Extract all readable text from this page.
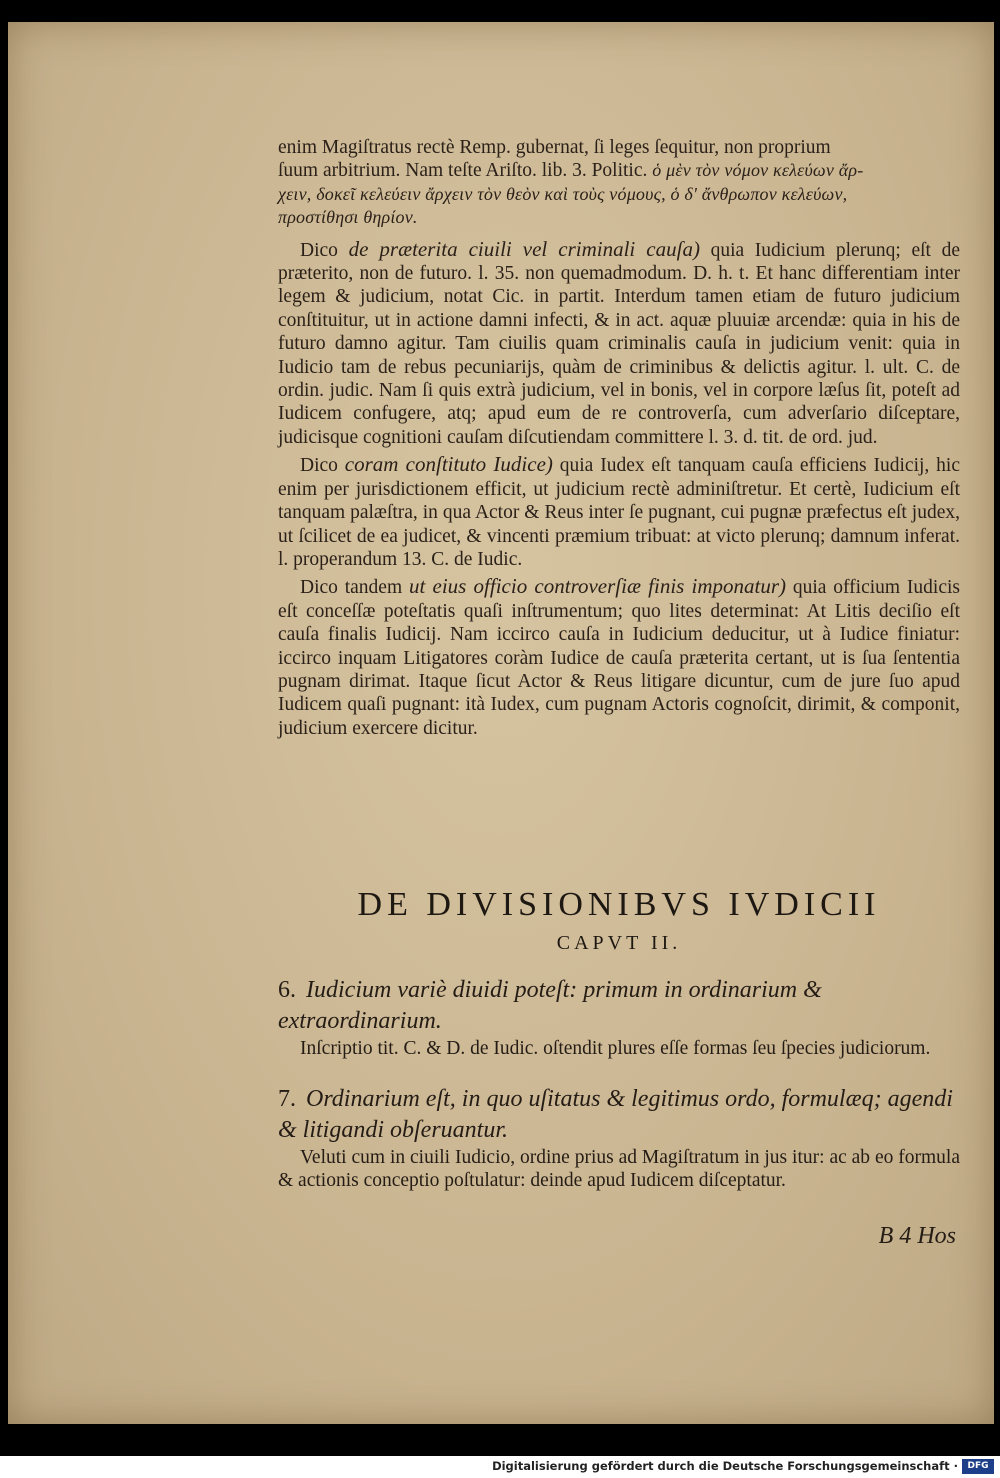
enim Magiſtratus rectè Remp. gubernat, ſi leges ſequitur, non proprium
ſuum arbitrium. Nam teſte Ariſto. lib. 3. Politic. ὁ μὲν τὸν νόμον κελεύων ἄρ-
χειν, δοκεῖ κελεύειν ἄρχειν τὸν θεὸν καὶ τοὺς νόμους, ὁ δ' ἄνθρωπον κελεύων,
προστίθησι θηρίον.

Dico de præterita ciuili vel criminali cauſa) quia Iudicium plerunq; eſt de præterito, non de futuro. l. 35. non quemadmodum. D. h. t. Et hanc differentiam inter legem & judicium, notat Cic. in partit. Interdum tamen etiam de futuro judicium conſtituitur, ut in actione damni infecti, & in act. aquæ pluuiæ arcendæ: quia in his de futuro damno agitur. Tam ciuilis quam criminalis cauſa in judicium venit: quia in Iudicio tam de rebus pecuniarijs, quàm de criminibus & delictis agitur. l. ult. C. de ordin. judic. Nam ſi quis extrà judicium, vel in bonis, vel in corpore læſus ſit, poteſt ad Iudicem confugere, atq; apud eum de re controverſa, cum adverſario diſceptare, judicisque cognitioni cauſam diſcutiendam committere l. 3. d. tit. de ord. jud.

Dico coram conſtituto Iudice) quia Iudex eſt tanquam cauſa efficiens Iudicij, hic enim per jurisdictionem efficit, ut judicium rectè adminiſtretur. Et certè, Iudicium eſt tanquam palæſtra, in qua Actor & Reus inter ſe pugnant, cui pugnæ præfectus eſt judex, ut ſcilicet de ea judicet, & vincenti præmium tribuat: at victo plerunq; damnum inferat. l. properandum 13. C. de Iudic.

Dico tandem ut eius officio controverſiæ finis imponatur) quia officium Iudicis eſt conceſſæ poteſtatis quaſi inſtrumentum; quo lites determinat: At Litis deciſio eſt cauſa finalis Iudicij. Nam iccirco cauſa in Iudicium deducitur, ut à Iudice finiatur: iccirco inquam Litigatores coràm Iudice de cauſa præterita certant, ut is ſua ſententia pugnam dirimat. Itaque ſicut Actor & Reus litigare dicuntur, cum de jure ſuo apud Iudicem quaſi pugnant: ità Iudex, cum pugnam Actoris cognoſcit, dirimit, & componit, judicium exercere dicitur.

DE DIVISIONIBVS IVDICII
CAPVT II.

6. Iudicium variè diuidi poteſt: primum in ordinarium & extraordinarium.

Inſcriptio tit. C. & D. de Iudic. oſtendit plures eſſe formas ſeu ſpecies judiciorum.

7. Ordinarium eſt, in quo uſitatus & legitimus ordo, formulæq; agendi & litigandi obſeruantur.

Veluti cum in ciuili Iudicio, ordine prius ad Magiſtratum in jus itur: ac ab eo formula & actionis conceptio poſtulatur: deinde apud Iudicem diſceptatur.

B 4 Hos
Digitalisierung gefördert durch die Deutsche Forschungsgemeinschaft ·	DFG
